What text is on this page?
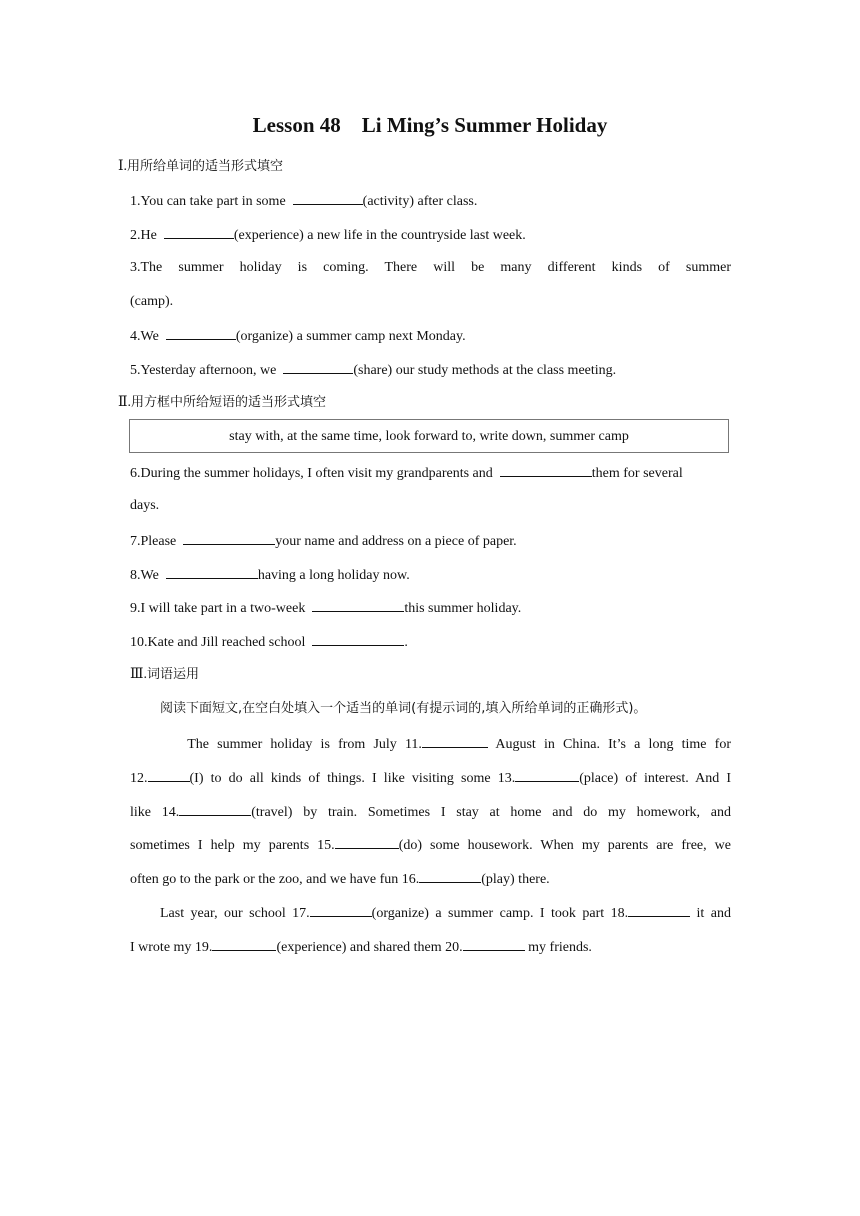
Lesson 48    Li Ming’s Summer Holiday
Ⅰ.用所给单词的适当形式填空
1.You can take part in some	(activity) after class.
2.He	(experience) a new life in the countryside last week.
3.The summer holiday is coming. There will be many different kinds of summer
(camp).
4.We	(organize) a summer camp next Monday.
5.Yesterday afternoon, we	(share) our study methods at the class meeting.
Ⅱ.用方框中所给短语的适当形式填空
stay with, at the same time, look forward to, write down, summer camp
6.During the summer holidays, I often visit my grandparents and	them for several
days.
7.Please	your name and address on a piece of paper.
8.We	having a long holiday now.
9.I will take part in a two-week	this summer holiday.
10.Kate and Jill reached school	.
Ⅲ.词语运用
阅读下面短文,在空白处填入一个适当的单词(有提示词的,填入所给单词的正确形式)。
The summer holiday is from July 11.	August in China. It’s a long time for
12.	(I) to do all kinds of things. I like visiting some 13.	(place) of interest. And I
like 14.	(travel) by train. Sometimes I stay at home and do my homework, and
sometimes I help my parents 15.	(do) some housework. When my parents are free, we
often go to the park or the zoo, and we have fun 16.	(play) there.
Last year, our school 17.	(organize) a summer camp. I took part 18.	it and
I wrote my 19.	(experience) and shared them 20.	my friends.
